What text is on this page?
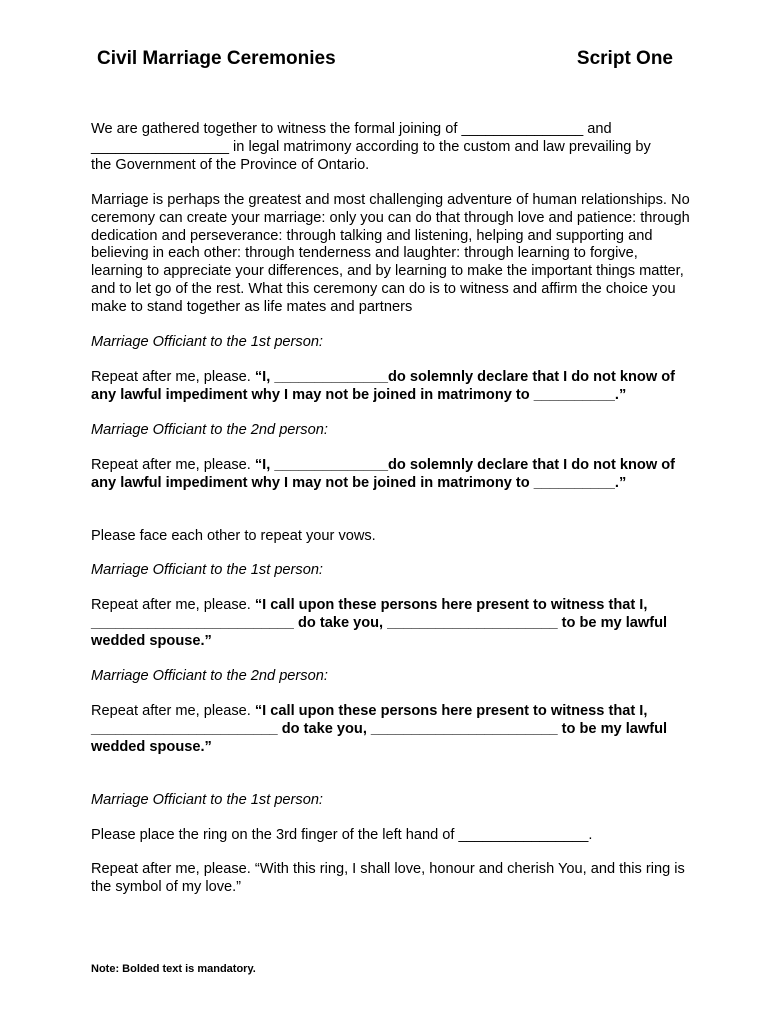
Civil Marriage Ceremonies	Script One

We are gathered together to witness the formal joining of _______________ and
_________________ in legal matrimony according to the custom and law prevailing by
the Government of the Province of Ontario.

Marriage is perhaps the greatest and most challenging adventure of human relationships. No ceremony can create your marriage: only you can do that through love and patience: through dedication and perseverance: through talking and listening, helping and supporting and believing in each other: through tenderness and laughter: through learning to forgive, learning to appreciate your differences, and by learning to make the important things matter, and to let go of the rest. What this ceremony can do is to witness and affirm the choice you make to stand together as life mates and partners

Marriage Officiant to the 1st person:

Repeat after me, please. “I, ______________do solemnly declare that I do not know of any lawful impediment why I may not be joined in matrimony to __________.”

Marriage Officiant to the 2nd person:

Repeat after me, please. “I, ______________do solemnly declare that I do not know of any lawful impediment why I may not be joined in matrimony to __________.”

Please face each other to repeat your vows.

Marriage Officiant to the 1st person:

Repeat after me, please. “I call upon these persons here present to witness that I, _________________________ do take you, _____________________ to be my lawful wedded spouse.”

Marriage Officiant to the 2nd person:

Repeat after me, please. “I call upon these persons here present to witness that I, _______________________ do take you, _______________________ to be my lawful wedded spouse.”

Marriage Officiant to the 1st person:

Please place the ring on the 3rd finger of the left hand of ________________.

Repeat after me, please. “With this ring, I shall love, honour and cherish You, and this ring is the symbol of my love.”

Note: Bolded text is mandatory.
